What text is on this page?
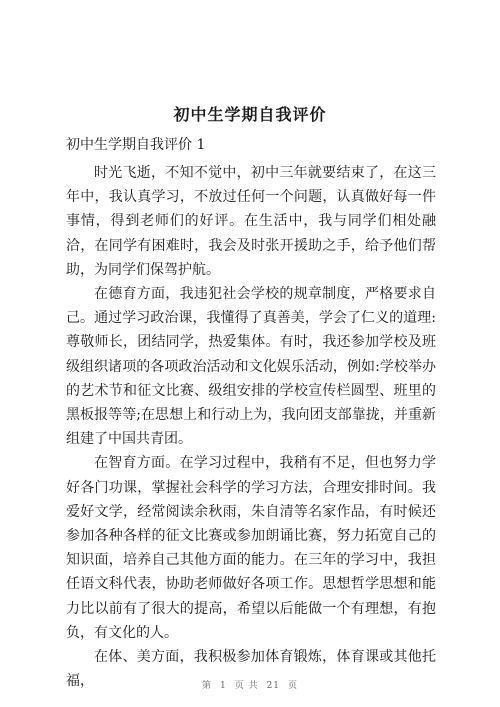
初中生学期自我评价
初中生学期自我评价 1

时光飞逝，不知不觉中，初中三年就要结束了，在这三年中，我认真学习，不放过任何一个问题，认真做好每一件事情，得到老师们的好评。在生活中，我与同学们相处融洽，在同学有困难时，我会及时张开援助之手，给予他们帮助，为同学们保驾护航。

在德育方面，我违犯社会学校的规章制度，严格要求自己。通过学习政治课，我懂得了真善美，学会了仁义的道理:尊敬师长，团结同学，热爱集体。有时，我还参加学校及班级组织诸项的各项政治活动和文化娱乐活动，例如:学校举办的艺术节和征文比赛、级组安排的学校宣传栏圆型、班里的黑板报等等;在思想上和行动上为，我向团支部靠拢，并重新组建了中国共青团。

在智育方面。在学习过程中，我稍有不足，但也努力学好各门功课，掌握社会科学的学习方法，合理安排时间。我爱好文学，经常阅读余秋雨，朱自清等名家作品，有时候还参加各种各样的征文比赛或参加朗诵比赛，努力拓宽自己的知识面，培养自己其他方面的能力。在三年的学习中，我担任语文科代表，协助老师做好各项工作。思想哲学思想和能力比以前有了很大的提高，希望以后能做一个有理想，有抱负，有文化的人。

在体、美方面，我积极参加体育锻炼，体育课或其他托福，	第 1 页 共 21 页
